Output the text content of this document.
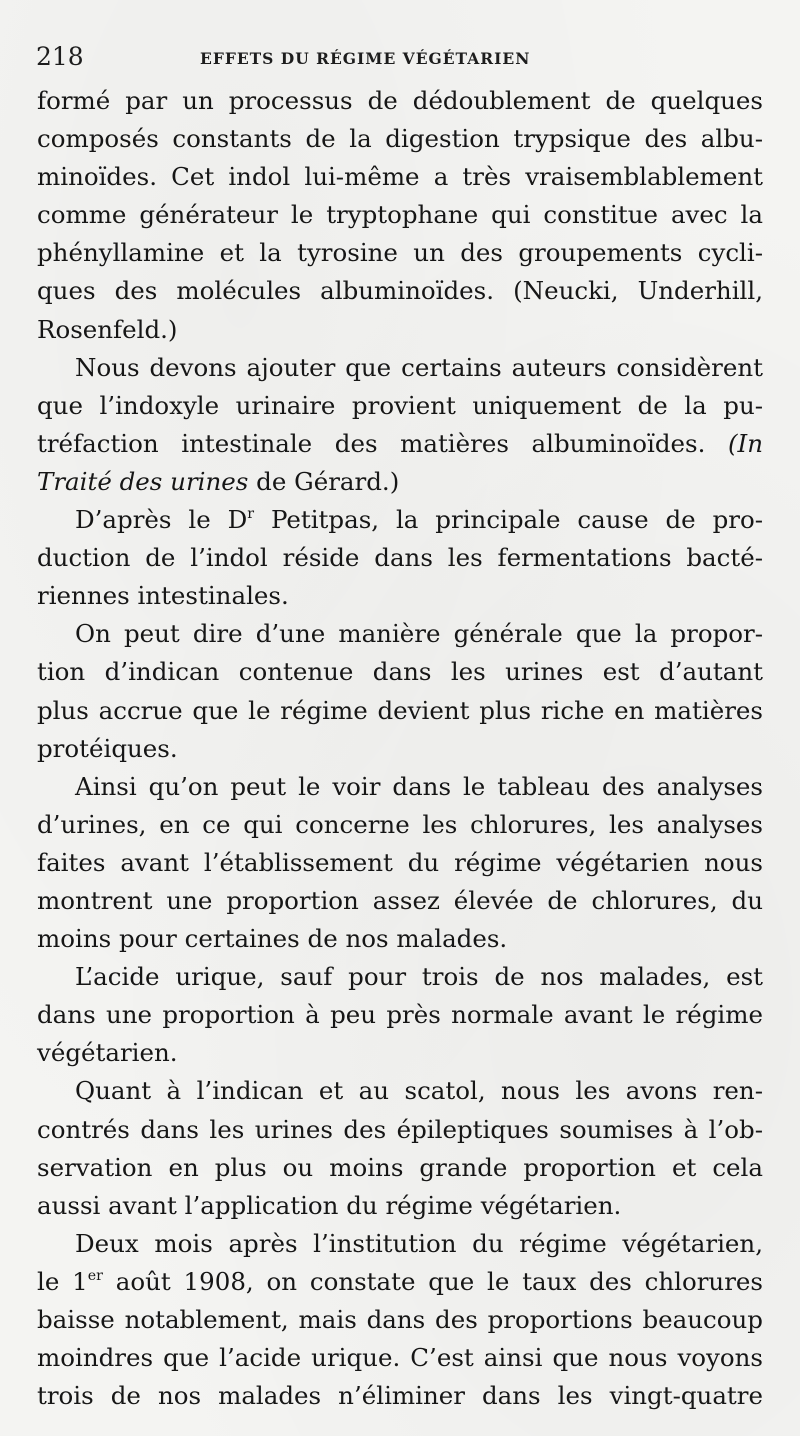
218	EFFETS DU RÉGIME VÉGÉTARIEN
formé par un processus de dédoublement de quelques
composés constants de la digestion trypsique des albu-
minoïdes. Cet indol lui-même a très vraisemblablement
comme générateur le tryptophane qui constitue avec la
phényllamine et la tyrosine un des groupements cycli-
ques des molécules albuminoïdes. (Neucki, Underhill,
Rosenfeld.)
Nous devons ajouter que certains auteurs considèrent
que l’indoxyle urinaire provient uniquement de la pu-
tréfaction intestinale des matières albuminoïdes. (In
Traité des urines de Gérard.)
D’après le $D^r$ Petitpas, la principale cause de pro-
duction de l’indol réside dans les fermentations bacté-
riennes intestinales.
On peut dire d’une manière générale que la propor-
tion d’indican contenue dans les urines est d’autant
plus accrue que le régime devient plus riche en matières
protéiques.
Ainsi qu’on peut le voir dans le tableau des analyses
d’urines, en ce qui concerne les chlorures, les analyses
faites avant l’établissement du régime végétarien nous
montrent une proportion assez élevée de chlorures, du
moins pour certaines de nos malades.
L’acide urique, sauf pour trois de nos malades, est
dans une proportion à peu près normale avant le régime
végétarien.
Quant à l’indican et au scatol, nous les avons ren-
contrés dans les urines des épileptiques soumises à l’ob-
servation en plus ou moins grande proportion et cela
aussi avant l’application du régime végétarien.
Deux mois après l’institution du régime végétarien,
le 1er août 1908, on constate que le taux des chlorures
baisse notablement, mais dans des proportions beaucoup
moindres que l’acide urique. C’est ainsi que nous voyons
trois de nos malades n’éliminer dans les vingt-quatre
